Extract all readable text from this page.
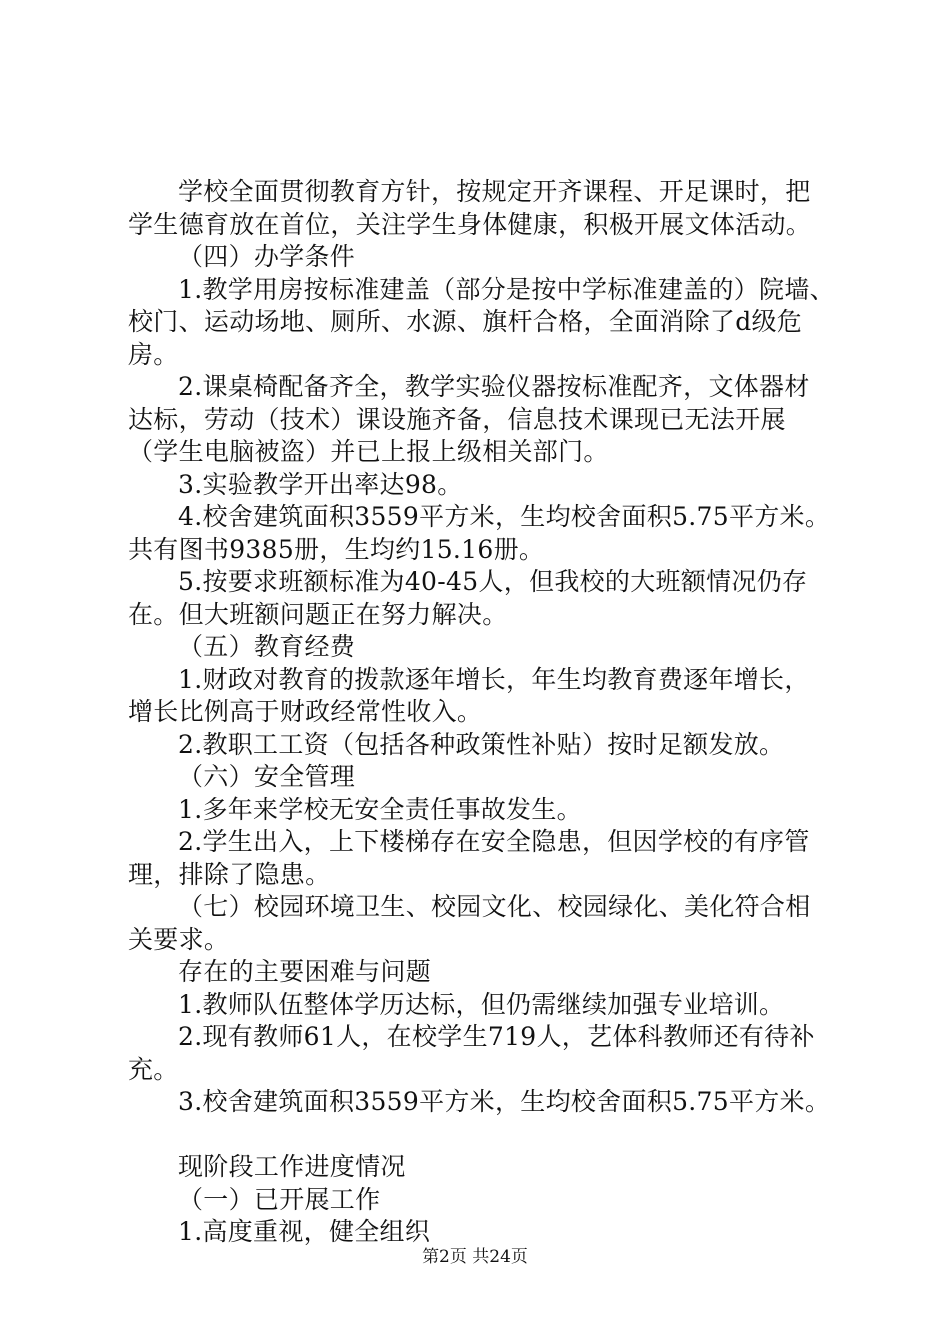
学校全面贯彻教育方针，按规定开齐课程、开足课时，把
学生德育放在首位，关注学生身体健康，积极开展文体活动。
（四）办学条件
1.教学用房按标准建盖（部分是按中学标准建盖的）院墙、
校门、运动场地、厕所、水源、旗杆合格，全面消除了d级危
房。
2.课桌椅配备齐全，教学实验仪器按标准配齐，文体器材
达标，劳动（技术）课设施齐备，信息技术课现已无法开展
（学生电脑被盗）并已上报上级相关部门。
3.实验教学开出率达98。
4.校舍建筑面积3559平方米，生均校舍面积5.75平方米。
共有图书9385册，生均约15.16册。
5.按要求班额标准为40-45人，但我校的大班额情况仍存
在。但大班额问题正在努力解决。
（五）教育经费
1.财政对教育的拨款逐年增长，年生均教育费逐年增长，
增长比例高于财政经常性收入。
2.教职工工资（包括各种政策性补贴）按时足额发放。
（六）安全管理
1.多年来学校无安全责任事故发生。
2.学生出入，上下楼梯存在安全隐患，但因学校的有序管
理，排除了隐患。
（七）校园环境卫生、校园文化、校园绿化、美化符合相
关要求。
存在的主要困难与问题
1.教师队伍整体学历达标，但仍需继续加强专业培训。
2.现有教师61人，在校学生719人，艺体科教师还有待补
充。
3.校舍建筑面积3559平方米，生均校舍面积5.75平方米。
现阶段工作进度情况
（一）已开展工作
1.高度重视，健全组织
第2页 共24页
